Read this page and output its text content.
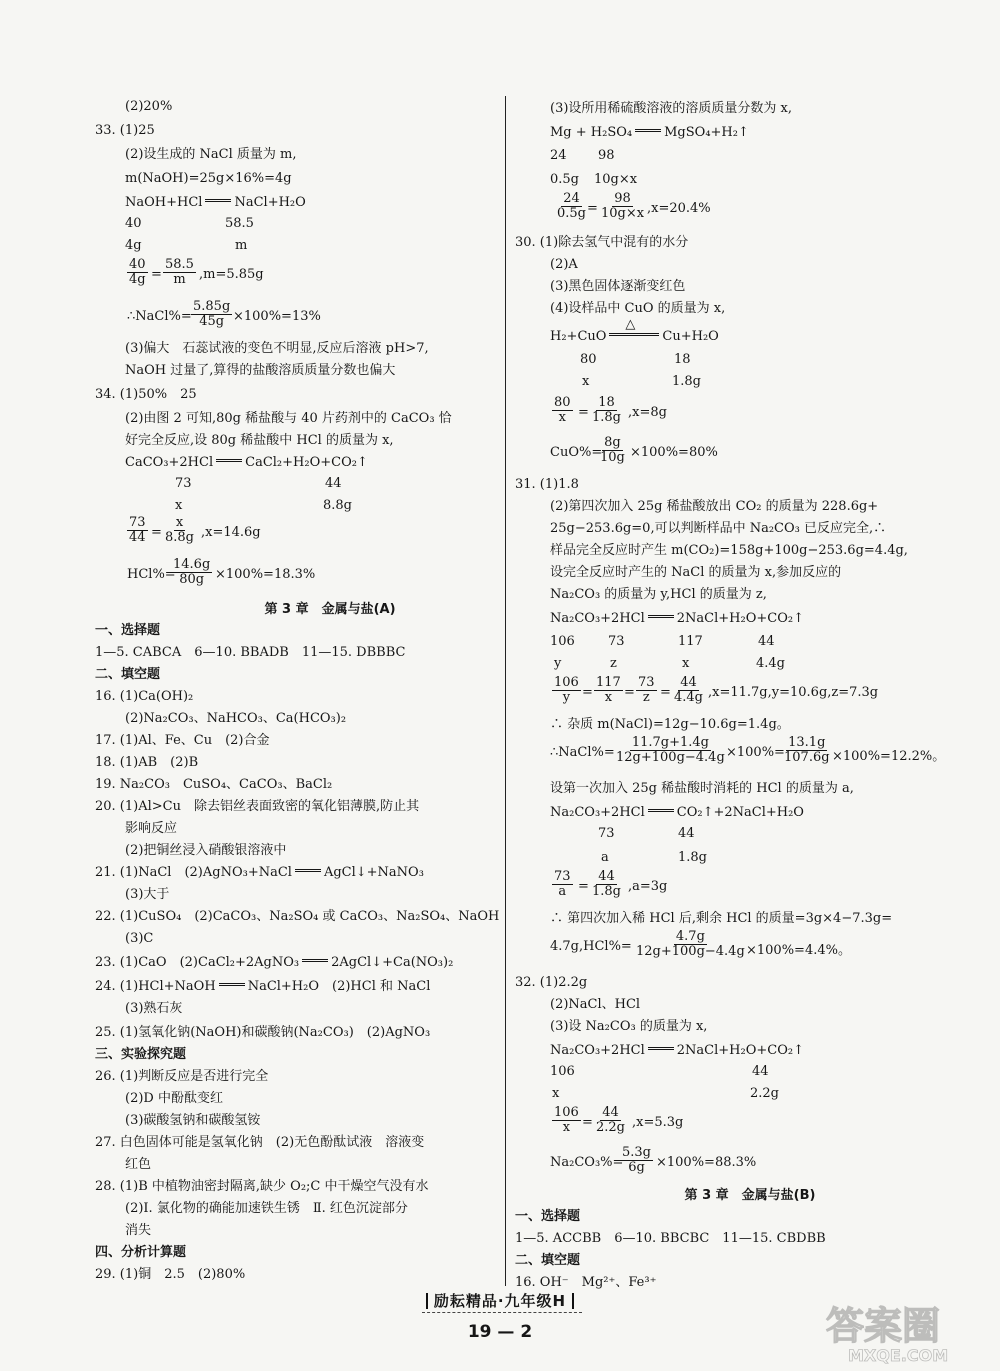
(2)20%
33. (1)25
(2)设生成的 NaCl 质量为 m,
m(NaOH)=25g×16%=4g
NaOH+HCl NaCl+H₂O
40	58.5
4g	m
$\frac{40}{4g} = \frac{58.5}{m} ,m=5.85g$
∴NaCl%= $\frac{5.85g}{45g} \times 100\%=13\%$
(3)偏大　石蕊试液的变色不明显,反应后溶液 pH>7,
NaOH 过量了,算得的盐酸溶质质量分数也偏大
34. (1)50%　25
(2)由图 2 可知,80g 稀盐酸与 40 片药剂中的 CaCO₃ 恰
好完全反应,设 80g 稀盐酸中 HCl 的质量为 x,
CaCO₃+2HCl CaCl₂+H₂O+CO₂↑
73	44
x	8.8g
$\frac{73}{44} = \frac{x}{8.8g} ,x=14.6g$
HCl%=
$\frac{14.6g}{80g} \times 100\%=18.3\%$
第 3 章　金属与盐(A)
一、选择题
1—5. CABCA　6—10. BBADB　11—15. DBBBC
二、填空题
16. (1)Ca(OH)₂
(2)Na₂CO₃、NaHCO₃、Ca(HCO₃)₂
17. (1)Al、Fe、Cu　(2)合金
18. (1)AB　(2)B
19. Na₂CO₃　CuSO₄、CaCO₃、BaCl₂
20. (1)Al>Cu　除去铝丝表面致密的氧化铝薄膜,防止其
影响反应
(2)把铜丝浸入硝酸银溶液中
21. (1)NaCl　(2)AgNO₃+NaCl AgCl↓+NaNO₃
(3)大于
22. (1)CuSO₄　(2)CaCO₃、Na₂SO₄ 或 CaCO₃、Na₂SO₄、NaOH
(3)C
23. (1)CaO　(2)CaCl₂+2AgNO₃ 2AgCl↓+Ca(NO₃)₂
24. (1)HCl+NaOH NaCl+H₂O　(2)HCl 和 NaCl
(3)熟石灰
25. (1)氢氧化钠(NaOH)和碳酸钠(Na₂CO₃)　(2)AgNO₃
三、实验探究题
26. (1)判断反应是否进行完全
(2)D 中酚酞变红
(3)碳酸氢钠和碳酸氢铵
27. 白色固体可能是氢氧化钠　(2)无色酚酞试液　溶液变
红色
28. (1)B 中植物油密封隔离,缺少 O₂;C 中干燥空气没有水
(2)Ⅰ. 氯化物的确能加速铁生锈　Ⅱ. 红色沉淀部分
消失
四、分析计算题
29. (1)铜　2.5　(2)80%
(3)设所用稀硫酸溶液的溶质质量分数为 x,
Mg + H₂SO₄ MgSO₄+H₂↑
24 98
0.5g 10g×x
$\frac{24}{0.5g} = \frac{98}{10g\times x} ,x=20.4\%$
30. (1)除去氢气中混有的水分
(2)A
(3)黑色固体逐渐变红色
(4)设样品中 CuO 的质量为 x,
H₂+CuO
△
Cu+H₂O
80	18
x	1.8g
$\frac{80}{x} = \frac{18}{1.8g} ,x=8g$
CuO%=
$\frac{8g}{10g} \times 100\%=80\%$
31. (1)1.8
(2)第四次加入 25g 稀盐酸放出 CO₂ 的质量为 228.6g+
25g−253.6g=0,可以判断样品中 Na₂CO₃ 已反应完全,∴
样品完全反应时产生 m(CO₂)=158g+100g−253.6g=4.4g,
设完全反应时产生的 NaCl 的质量为 x,参加反应的
Na₂CO₃ 的质量为 y,HCl 的质量为 z,
Na₂CO₃+2HCl 2NaCl+H₂O+CO₂↑
106	73	117	44
y	z	x	4.4g
$\frac{106}{y} = \frac{117}{x} = \frac{73}{z} = \frac{44}{4.4g} ,x=11.7g,y=10.6g,z=7.3g$
∴ 杂质 m(NaCl)=12g−10.6g=1.4g。
∴NaCl%= $\frac{11.7g+1.4g}{12g+100g-4.4g} \times 100\%=$
$\frac{13.1g}{107.6g} \times 100\%=12.2\%$。
设第一次加入 25g 稀盐酸时消耗的 HCl 的质量为 a,
Na₂CO₃+2HCl CO₂↑+2NaCl+H₂O
73	44
a	1.8g
$\frac{73}{a} = \frac{44}{1.8g} ,a=3g$
∴ 第四次加入稀 HCl 后,剩余 HCl 的质量=3g×4−7.3g=
$4.7g,HCl\%= \frac{4.7g}{12g+100g-4.4g} \times 100\%=4.4\%$。
32. (1)2.2g
(2)NaCl、HCl
(3)设 Na₂CO₃ 的质量为 x,
Na₂CO₃+2HCl 2NaCl+H₂O+CO₂↑
106	44
x	2.2g
$\frac{106}{x} = \frac{44}{2.2g} ,x=5.3g$
Na₂CO₃%=
$\frac{5.3g}{6g} \times 100\%=88.3\%$
第 3 章　金属与盐(B)
一、选择题
1—5. ACCBB　6—10. BBCBC　11—15. CBDBB
二、填空题
16. OH⁻　Mg²⁺、Fe³⁺
励耘精品·九年级H
19 — 2	答案圈
MXQE.COM
